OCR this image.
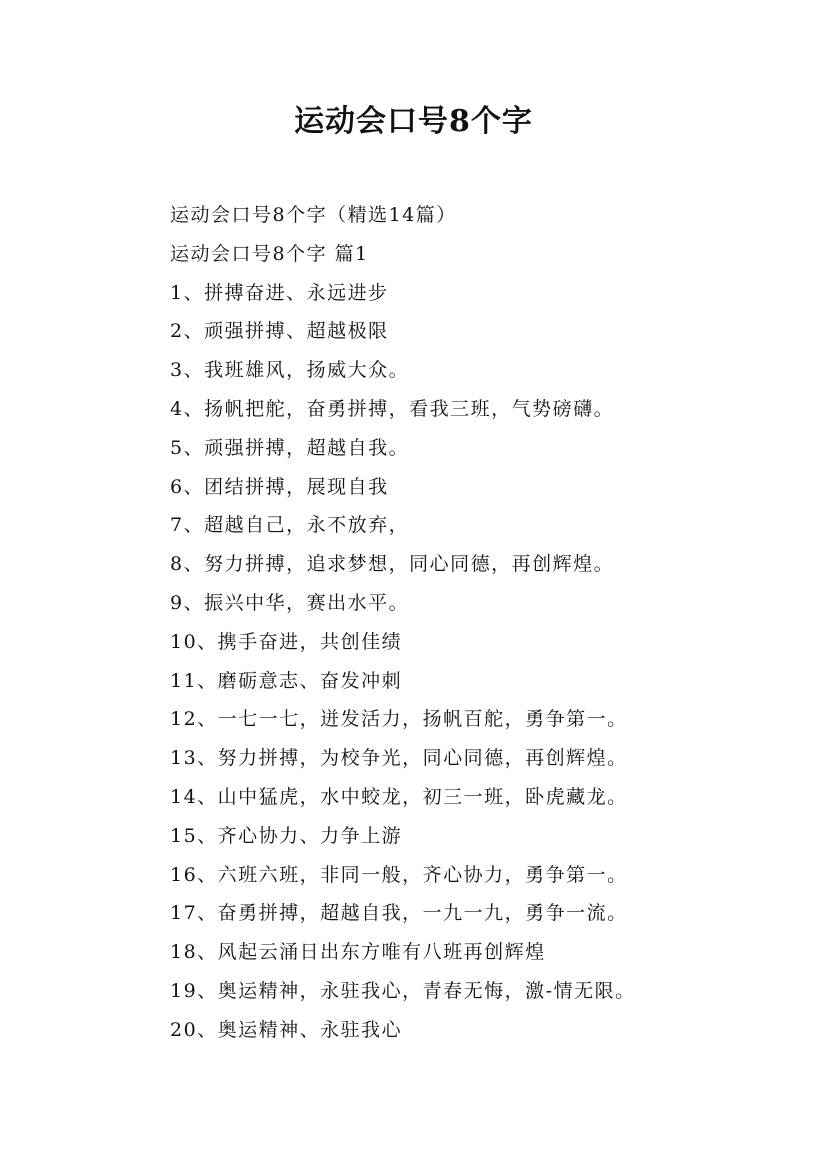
运动会口号8个字
运动会口号8个字（精选14篇）
运动会口号8个字 篇1
1、拼搏奋进、永远进步
2、顽强拼搏、超越极限
3、我班雄风，扬威大众。
4、扬帆把舵，奋勇拼搏，看我三班，气势磅礴。
5、顽强拼搏，超越自我。
6、团结拼搏，展现自我
7、超越自己，永不放弃，
8、努力拼搏，追求梦想，同心同德，再创辉煌。
9、振兴中华，赛出水平。
10、携手奋进，共创佳绩
11、磨砺意志、奋发冲刺
12、一七一七，迸发活力，扬帆百舵，勇争第一。
13、努力拼搏，为校争光，同心同德，再创辉煌。
14、山中猛虎，水中蛟龙，初三一班，卧虎藏龙。
15、齐心协力、力争上游
16、六班六班，非同一般，齐心协力，勇争第一。
17、奋勇拼搏，超越自我，一九一九，勇争一流。
18、风起云涌日出东方唯有八班再创辉煌
19、奥运精神，永驻我心，青春无悔，激-情无限。
20、奥运精神、永驻我心
